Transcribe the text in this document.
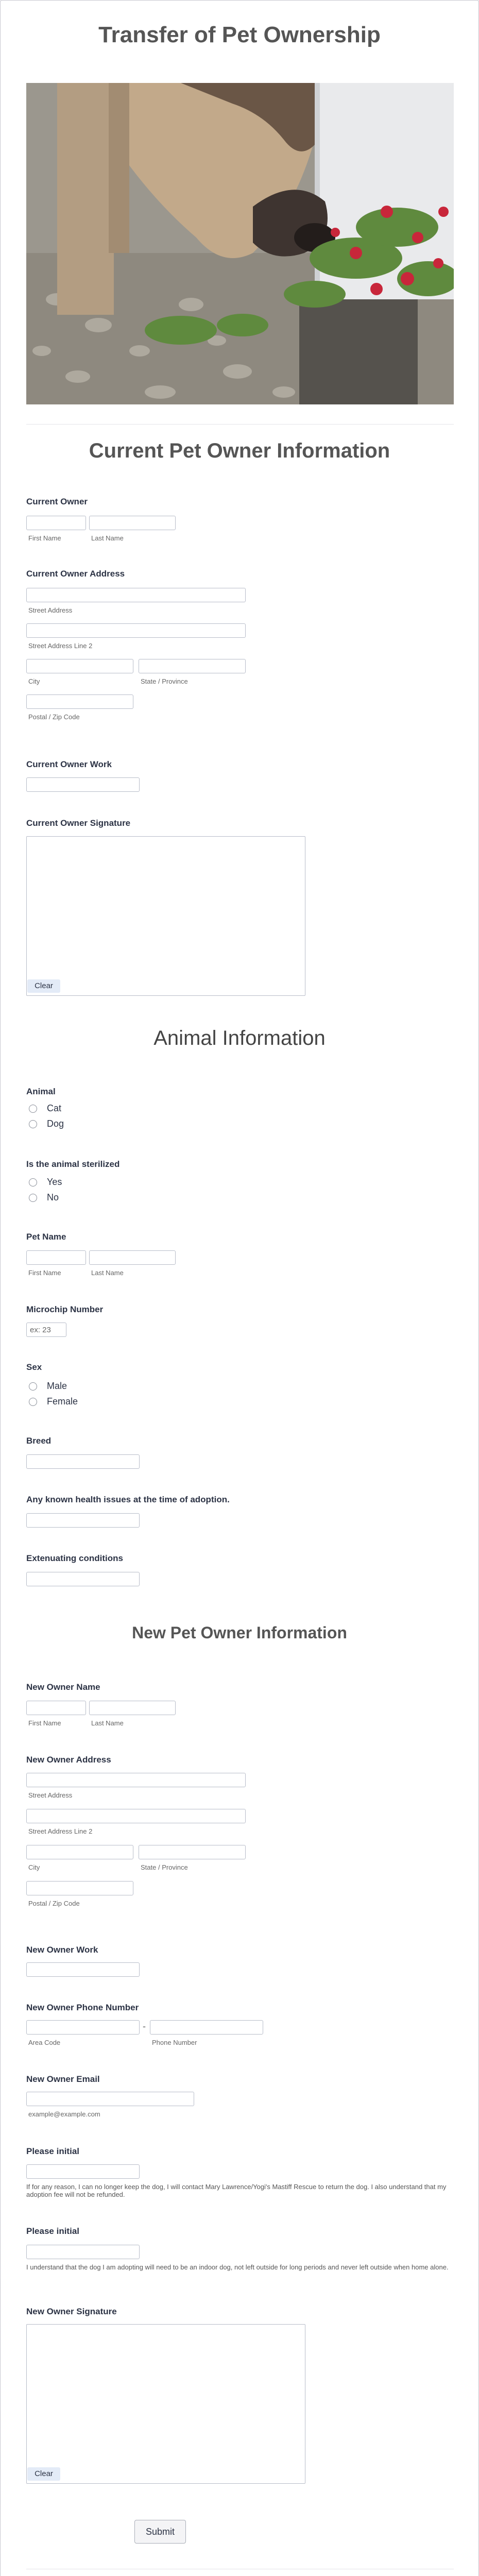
Transfer of Pet Ownership
Current Pet Owner Information
Current Owner
First Name	Last Name
Current Owner Address
Street Address
Street Address Line 2
City	State / Province
Postal / Zip Code
Current Owner Work
Current Owner Signature
Clear
Animal Information
Animal
Cat
Dog
Is the animal sterilized
Yes
No
Pet Name
First Name	Last Name
Microchip Number
ex: 23
Sex
Male
Female
Breed
Any known health issues at the time of adoption.
Extenuating conditions
New Pet Owner Information
New Owner Name
First Name	Last Name
New Owner Address
Street Address
Street Address Line 2
City	State / Province
Postal / Zip Code
New Owner Work
New Owner Phone Number
-
Area Code	Phone Number
New Owner Email
example@example.com
Please initial
If for any reason, I can no longer keep the dog, I will contact Mary Lawrence/Yogi's Mastiff Rescue to return the dog. I also understand that my adoption fee will not be refunded.
Please initial
I understand that the dog I am adopting will need to be an indoor dog, not left outside for long periods and never left outside when home alone.
New Owner Signature
Clear
Submit
